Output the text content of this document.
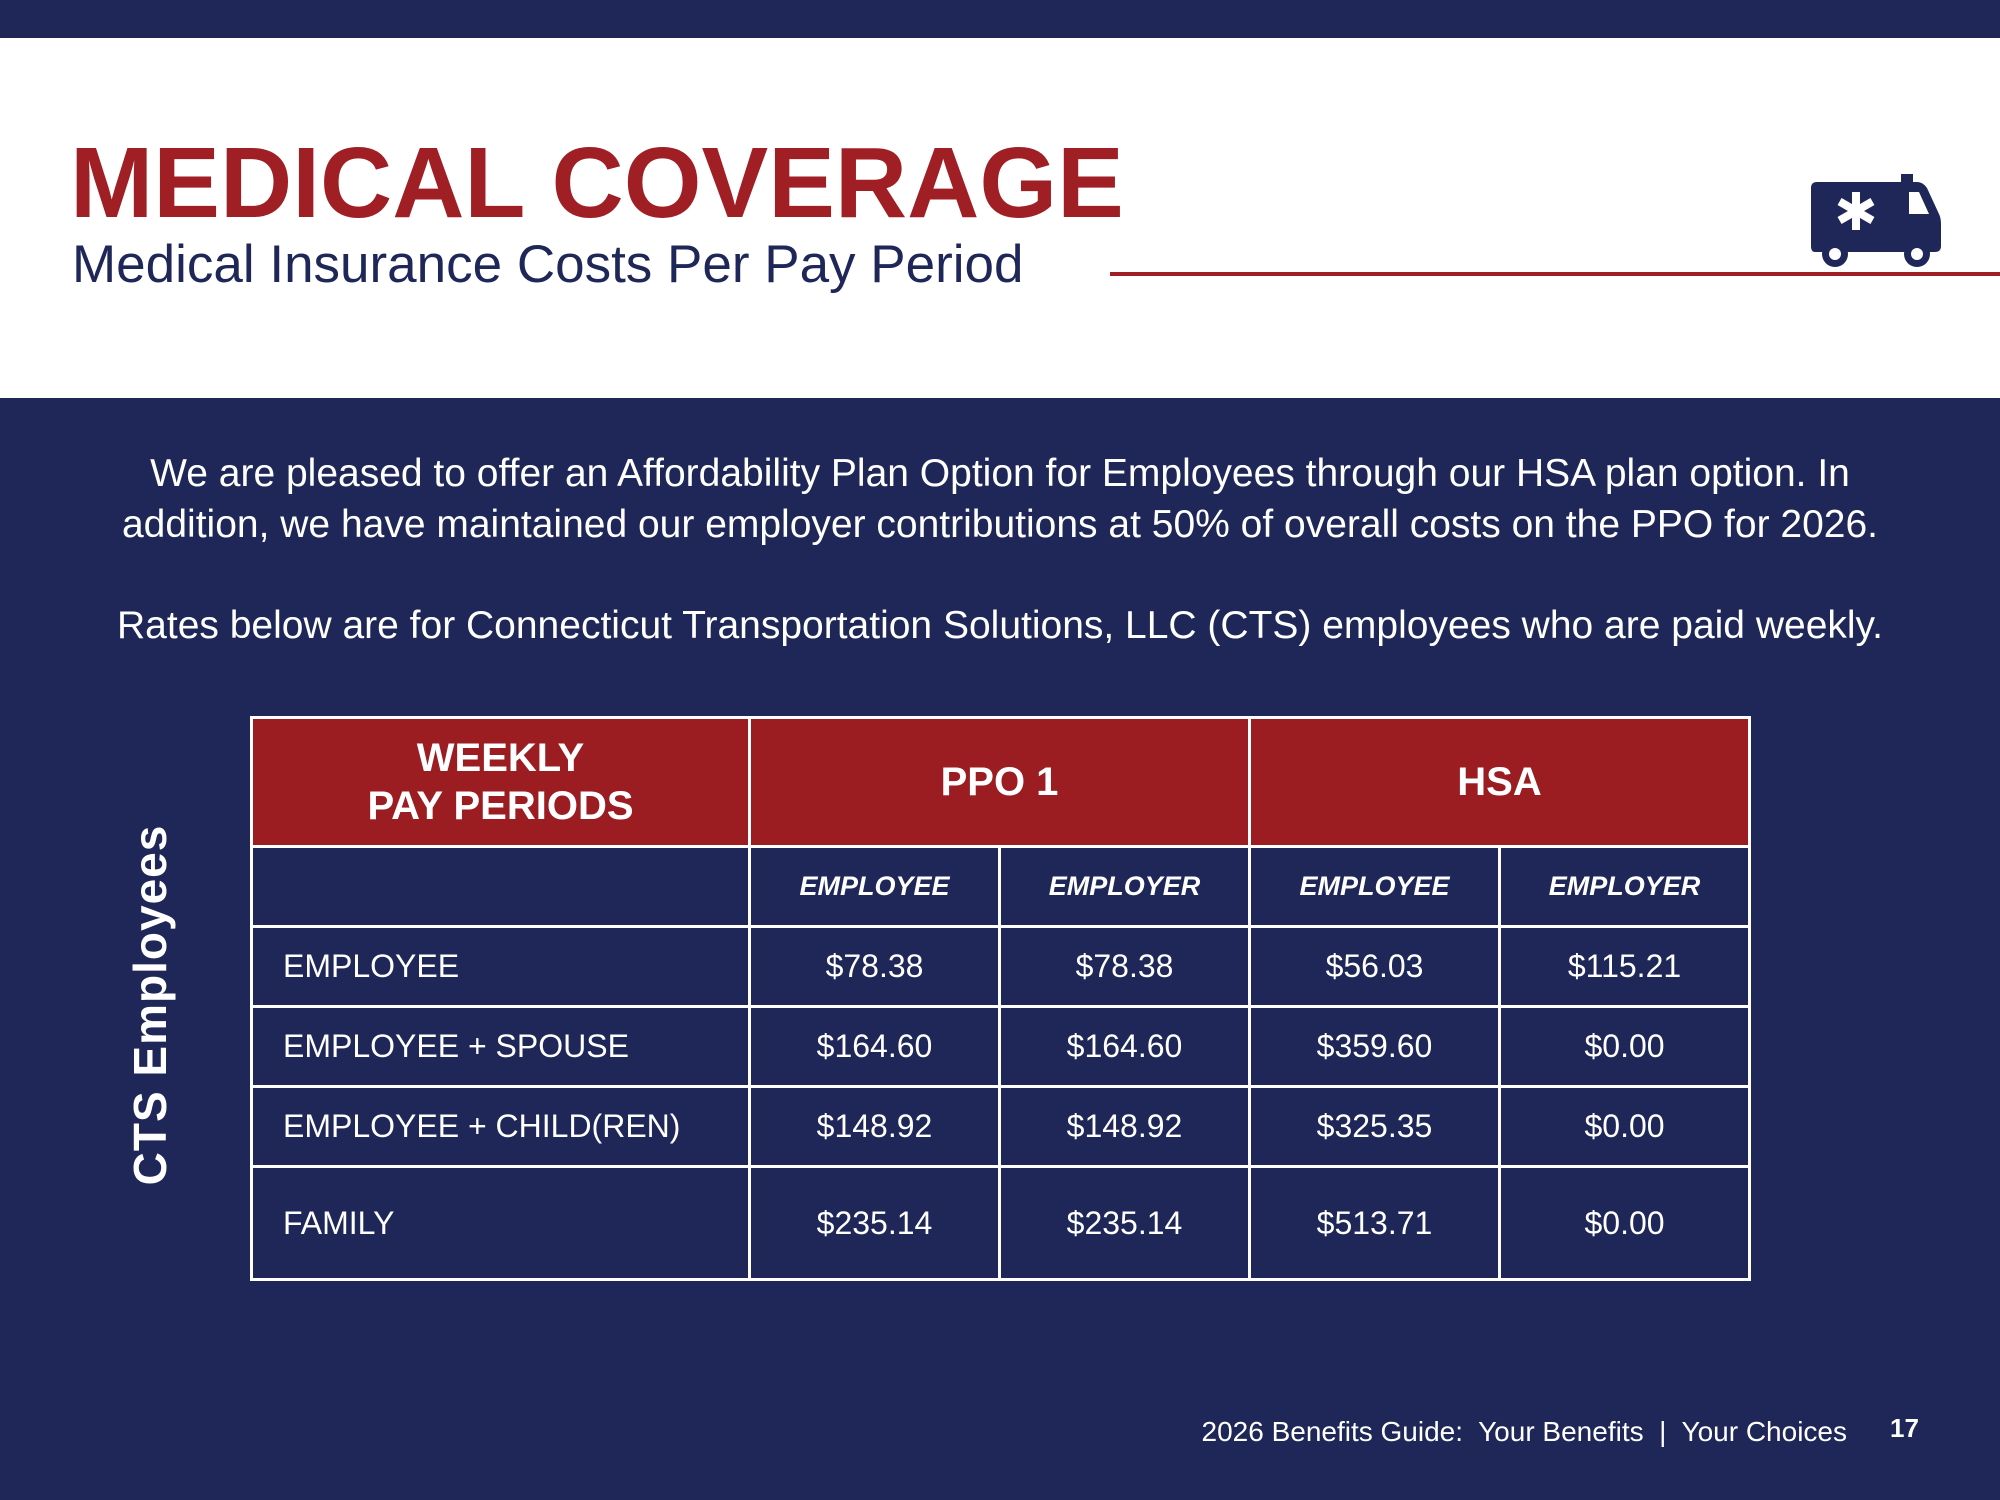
MEDICAL COVERAGE
Medical Insurance Costs Per Pay Period
We are pleased to offer an Affordability Plan Option for Employees through our HSA plan option. In
addition, we have maintained our employer contributions at 50% of overall costs on the PPO for 2026.
Rates below are for Connecticut Transportation Solutions, LLC (CTS) employees who are paid weekly.
CTS Employees
WEEKLY
PAY PERIODS	PPO 1		HSA	
	EMPLOYEE	EMPLOYER	EMPLOYEE	EMPLOYER
EMPLOYEE	$78.38	$78.38	$56.03	$115.21
EMPLOYEE + SPOUSE	$164.60	$164.60	$359.60	$0.00
EMPLOYEE + CHILD(REN)	$148.92	$148.92	$325.35	$0.00
FAMILY	$235.14	$235.14	$513.71	$0.00
2026 Benefits Guide:  Your Benefits  |  Your Choices 17
